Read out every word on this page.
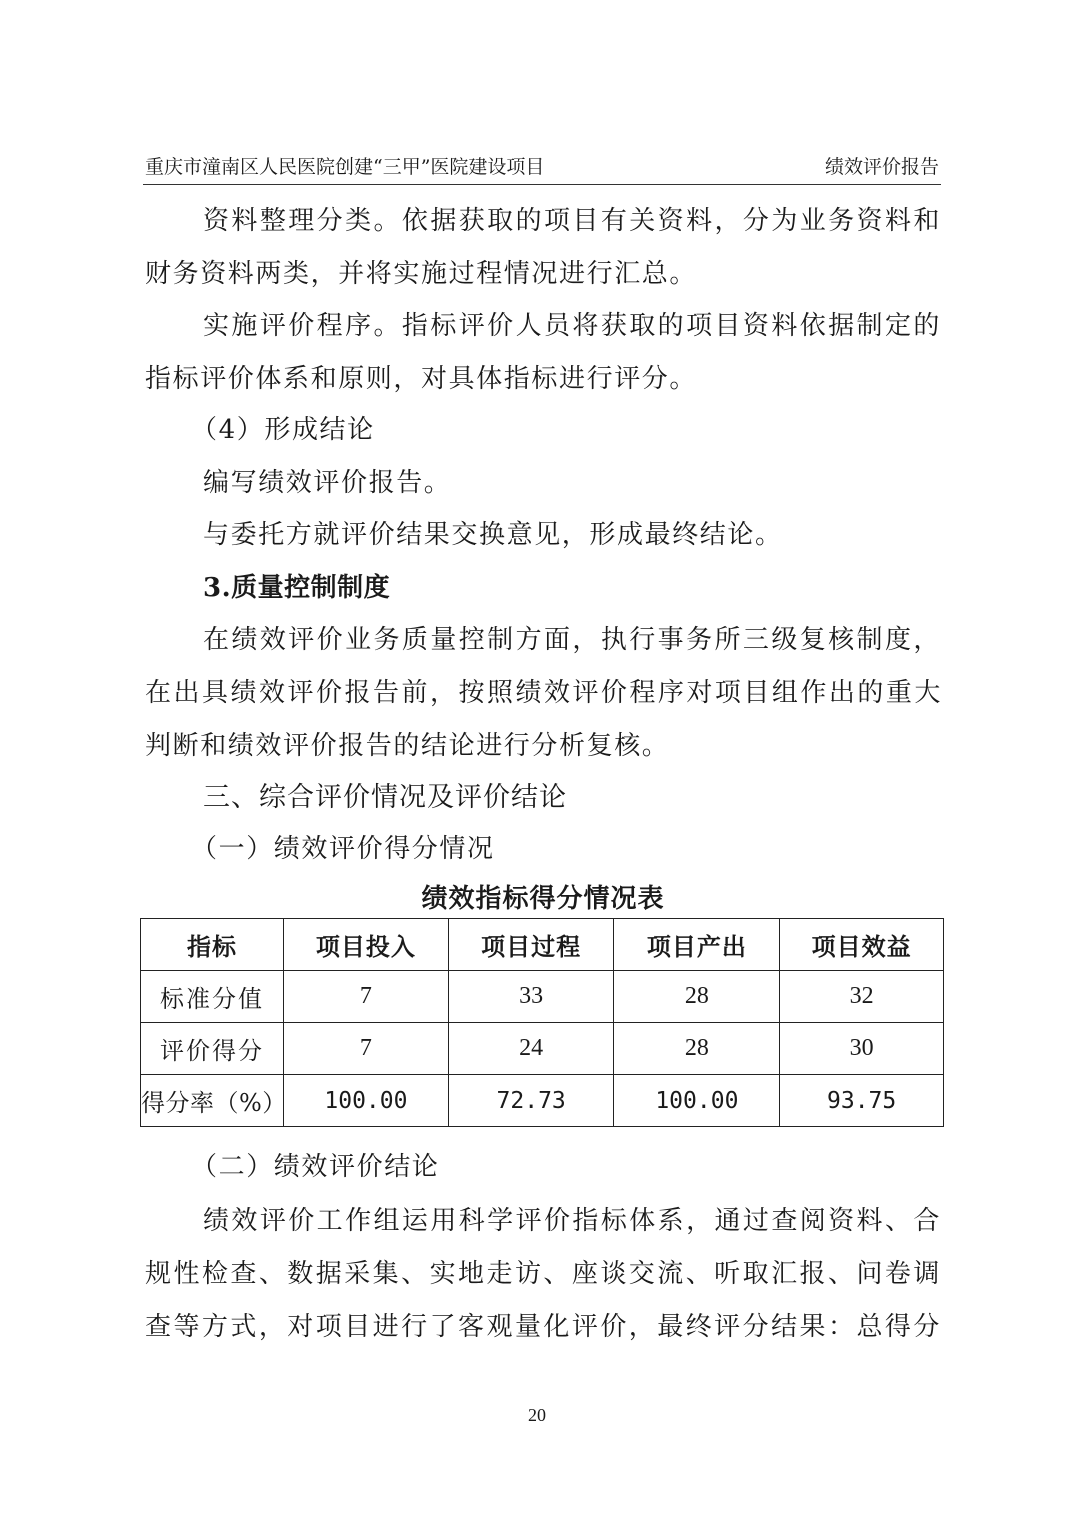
重庆市潼南区人民医院创建“三甲”医院建设项目	绩效评价报告
资料整理分类。依据获取的项目有关资料，分为业务资料和
财务资料两类，并将实施过程情况进行汇总。
实施评价程序。指标评价人员将获取的项目资料依据制定的
指标评价体系和原则，对具体指标进行评分。
（4）形成结论
编写绩效评价报告。
与委托方就评价结果交换意见，形成最终结论。
3.质量控制制度
在绩效评价业务质量控制方面，执行事务所三级复核制度，
在出具绩效评价报告前，按照绩效评价程序对项目组作出的重大
判断和绩效评价报告的结论进行分析复核。
三、综合评价情况及评价结论
（一）绩效评价得分情况
绩效指标得分情况表
指标	项目投入	项目过程	项目产出	项目效益
标准分值	7	33	28	32
评价得分	7	24	28	30
得分率（%）	100.00	72.73	100.00	93.75
（二）绩效评价结论
绩效评价工作组运用科学评价指标体系，通过查阅资料、合
规性检查、数据采集、实地走访、座谈交流、听取汇报、问卷调
查等方式，对项目进行了客观量化评价，最终评分结果：总得分
20
